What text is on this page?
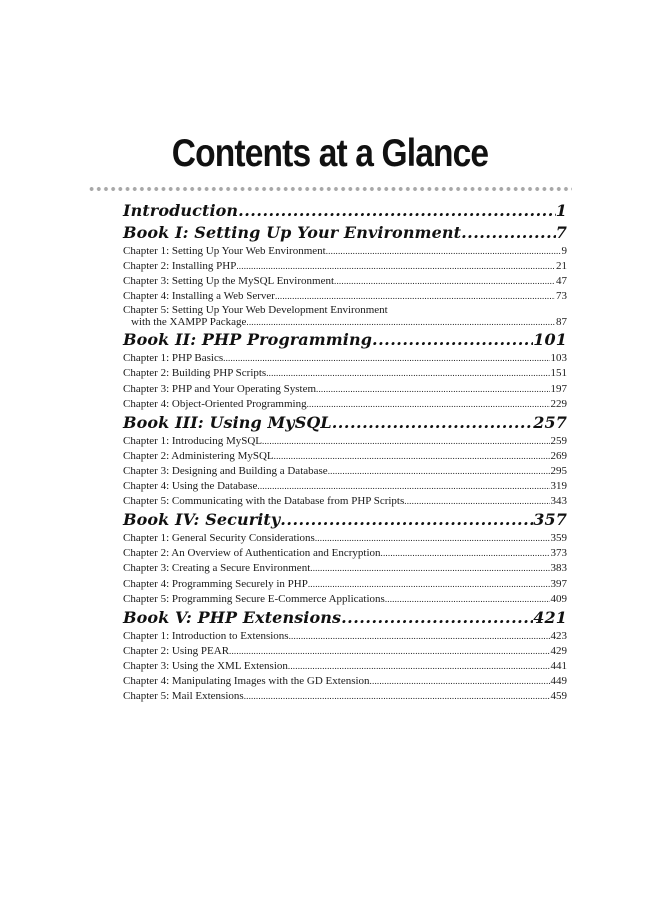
Contents at a Glance
Introduction .....	1
Book I: Setting Up Your Environment .....	7
Chapter 1: Setting Up Your Web Environment .....	9
Chapter 2: Installing PHP .....	21
Chapter 3: Setting Up the MySQL Environment .....	47
Chapter 4: Installing a Web Server .....	73
Chapter 5: Setting Up Your Web Development Environment
with the XAMPP Package .....	87
Book II: PHP Programming .....	101
Chapter 1: PHP Basics .....	103
Chapter 2: Building PHP Scripts .....	151
Chapter 3: PHP and Your Operating System .....	197
Chapter 4: Object-Oriented Programming .....	229
Book III: Using MySQL .....	257
Chapter 1: Introducing MySQL .....	259
Chapter 2: Administering MySQL .....	269
Chapter 3: Designing and Building a Database .....	295
Chapter 4: Using the Database .....	319
Chapter 5: Communicating with the Database from PHP Scripts .....	343
Book IV: Security .....	357
Chapter 1: General Security Considerations .....	359
Chapter 2: An Overview of Authentication and Encryption .....	373
Chapter 3: Creating a Secure Environment .....	383
Chapter 4: Programming Securely in PHP .....	397
Chapter 5: Programming Secure E-Commerce Applications .....	409
Book V: PHP Extensions .....	421
Chapter 1: Introduction to Extensions .....	423
Chapter 2: Using PEAR .....	429
Chapter 3: Using the XML Extension .....	441
Chapter 4: Manipulating Images with the GD Extension .....	449
Chapter 5: Mail Extensions .....	459
